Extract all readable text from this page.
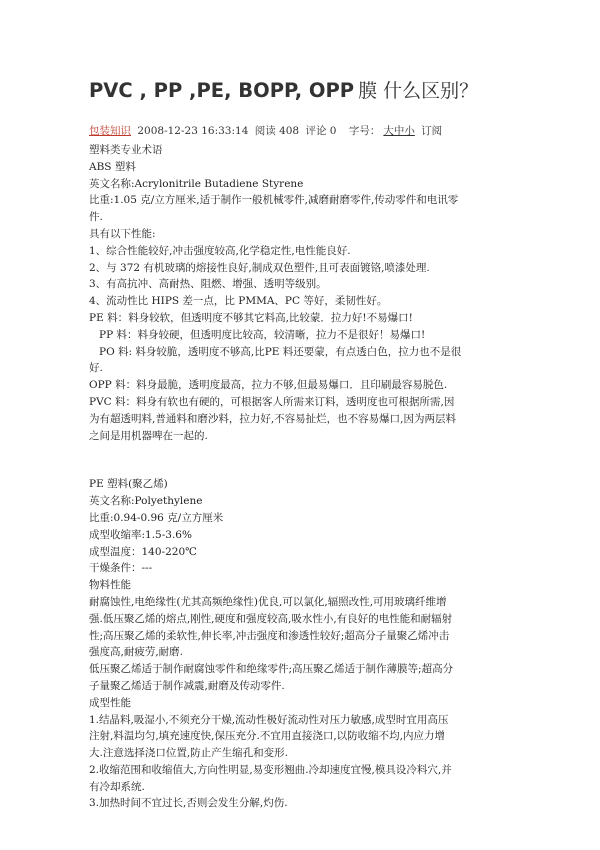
PVC , PP ,PE, BOPP, OPP 膜 什么区别？
包装知识 2008-12-23 16:33:14 阅读 408 评论 0 字号： 大中小 订阅

塑料类专业术语

ABS 塑料

英文名称:Acrylonitrile Butadiene Styrene

比重:1.05 克/立方厘米,适于制作一般机械零件,减磨耐磨零件,传动零件和电讯零

件.

具有以下性能:

1、综合性能较好,冲击强度较高,化学稳定性,电性能良好.

2、与 372 有机玻璃的熔接性良好,制成双色塑件,且可表面镀铬,喷漆处理.

3、有高抗冲、高耐热、阻燃、增强、透明等级别。

4、流动性比 HIPS 差一点，比 PMMA、PC 等好，柔韧性好。

PE 料：料身较软，但透明度不够其它料高,比较蒙．拉力好!不易爆口!

PP 料：料身较硬，但透明度比较高，较清晰，拉力不是很好！易爆口!

PO 料: 料身较脆，透明度不够高,比PE 料还要蒙，有点透白色，拉力也不是很

好.

OPP 料：料身最脆，透明度最高，拉力不够,但最易爆口．且印刷最容易脱色.

PVC 料：料身有软也有硬的，可根据客人所需来订料，透明度也可根据所需,因

为有超透明料,普通料和磨沙料，拉力好,不容易扯烂，也不容易爆口,因为两层料

之间是用机器啤在一起的.

PE 塑料(聚乙烯)

英文名称:Polyethylene

比重:0.94-0.96 克/立方厘米

成型收缩率:1.5-3.6%

成型温度：140-220℃

干燥条件：---

物料性能

耐腐蚀性,电绝缘性(尤其高频绝缘性)优良,可以氯化,辐照改性,可用玻璃纤维增

强.低压聚乙烯的熔点,刚性,硬度和强度较高,吸水性小,有良好的电性能和耐辐射

性;高压聚乙烯的柔软性,伸长率,冲击强度和渗透性较好;超高分子量聚乙烯冲击

强度高,耐疲劳,耐磨.

低压聚乙烯适于制作耐腐蚀零件和绝缘零件;高压聚乙烯适于制作薄膜等;超高分

子量聚乙烯适于制作减震,耐磨及传动零件.

成型性能

1.结晶料,吸湿小,不须充分干燥,流动性极好流动性对压力敏感,成型时宜用高压

注射,料温均匀,填充速度快,保压充分.不宜用直接浇口,以防收缩不均,内应力增

大.注意选择浇口位置,防止产生缩孔和变形.

2.收缩范围和收缩值大,方向性明显,易变形翘曲.冷却速度宜慢,模具设冷料穴,并

有冷却系统.

3.加热时间不宜过长,否则会发生分解,灼伤.
